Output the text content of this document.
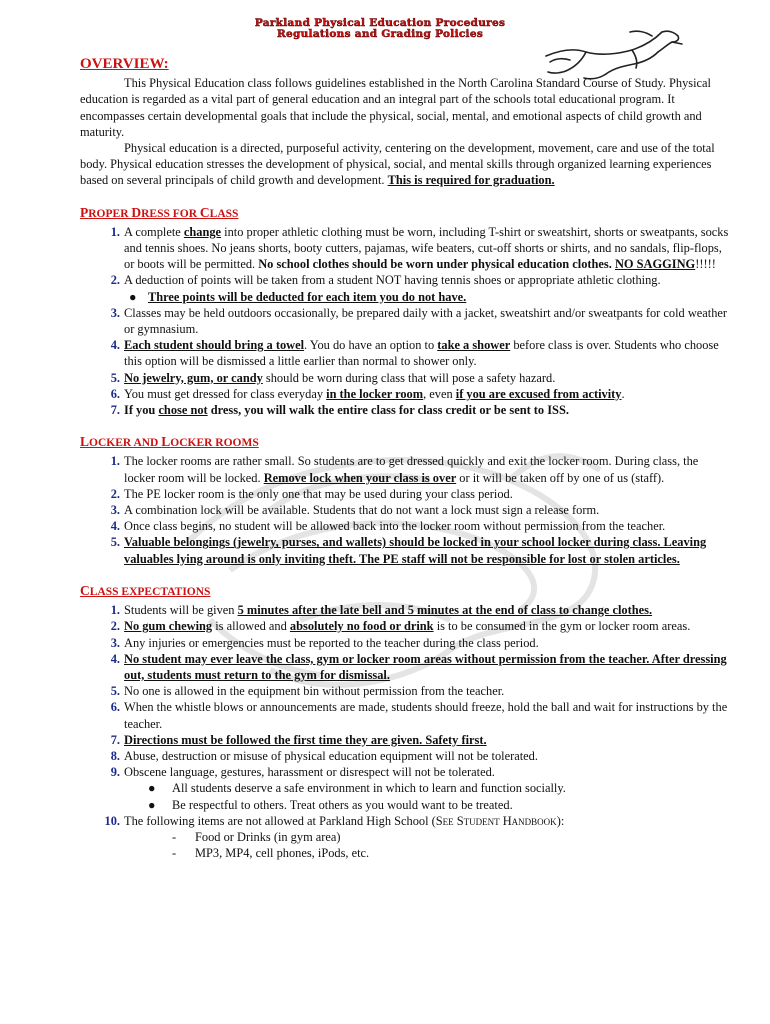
Parkland Physical Education Procedures
Regulations and Grading Policies
OVERVIEW:

This Physical Education class follows guidelines established in the North Carolina Standard Course of Study. Physical education is regarded as a vital part of general education and an integral part of the schools total educational program. It encompasses certain developmental goals that include the physical, social, mental, and emotional aspects of child growth and maturity.

Physical education is a directed, purposeful activity, centering on the development, movement, care and use of the total body. Physical education stresses the development of physical, social, and mental skills through organized learning experiences based on several principals of child growth and development. This is required for graduation.

PROPER DRESS FOR CLASS
1. A complete change into proper athletic clothing must be worn, including T-shirt or sweatshirt, shorts or sweatpants, socks and tennis shoes. No jeans shorts, booty cutters, pajamas, wife beaters, cut-off shorts or shirts, and no sandals, flip-flops, or boots will be permitted. No school clothes should be worn under physical education clothes. NO SAGGING!!!!!
2. A deduction of points will be taken from a student NOT having tennis shoes or appropriate athletic clothing.
● Three points will be deducted for each item you do not have.
3. Classes may be held outdoors occasionally, be prepared daily with a jacket, sweatshirt and/or sweatpants for cold weather or gymnasium.
4. Each student should bring a towel. You do have an option to take a shower before class is over. Students who choose this option will be dismissed a little earlier than normal to shower only.
5. No jewelry, gum, or candy should be worn during class that will pose a safety hazard.
6. You must get dressed for class everyday in the locker room, even if you are excused from activity.
7. If you chose not dress, you will walk the entire class for class credit or be sent to ISS.
LOCKER AND LOCKER ROOMS
1. The locker rooms are rather small. So students are to get dressed quickly and exit the locker room. During class, the locker room will be locked. Remove lock when your class is over or it will be taken off by one of us (staff).
2. The PE locker room is the only one that may be used during your class period.
3. A combination lock will be available. Students that do not want a lock must sign a release form.
4. Once class begins, no student will be allowed back into the locker room without permission from the teacher.
5. Valuable belongings (jewelry, purses, and wallets) should be locked in your school locker during class. Leaving valuables lying around is only inviting theft. The PE staff will not be responsible for lost or stolen articles.
CLASS EXPECTATIONS
1. Students will be given 5 minutes after the late bell and 5 minutes at the end of class to change clothes.
2. No gum chewing is allowed and absolutely no food or drink is to be consumed in the gym or locker room areas.
3. Any injuries or emergencies must be reported to the teacher during the class period.
4. No student may ever leave the class, gym or locker room areas without permission from the teacher. After dressing out, students must return to the gym for dismissal.
5. No one is allowed in the equipment bin without permission from the teacher.
6. When the whistle blows or announcements are made, students should freeze, hold the ball and wait for instructions by the teacher.
7. Directions must be followed the first time they are given. Safety first.
8. Abuse, destruction or misuse of physical education equipment will not be tolerated.
9. Obscene language, gestures, harassment or disrespect will not be tolerated.
● All students deserve a safe environment in which to learn and function socially.
● Be respectful to others. Treat others as you would want to be treated.
10. The following items are not allowed at Parkland High School (See Student Handbook):
- Food or Drinks (in gym area)
- MP3, MP4, cell phones, iPods, etc.
